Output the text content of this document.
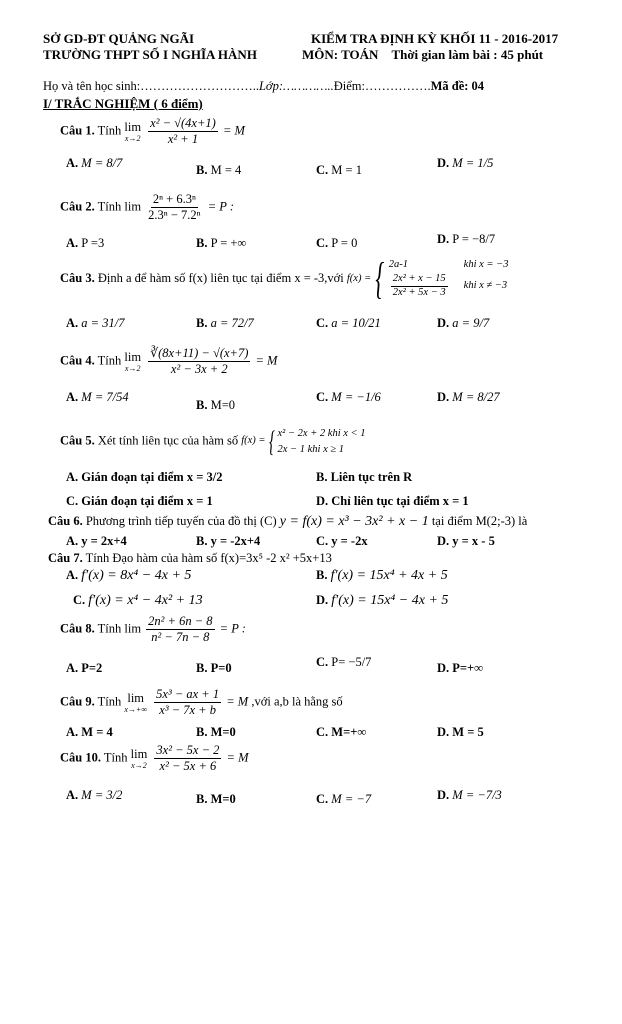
SỞ GD-ĐT QUẢNG NGÃI
TRƯỜNG THPT SỐ I NGHĨA HÀNH
KIỂM TRA ĐỊNH KỲ KHỐI 11 - 2016-2017
MÔN: TOÁN Thời gian làm bài : 45 phút
Họ và tên học sinh:………………………..Lớp:…………..Điểm:…………….Mã đề: 04
I/ TRẮC NGHIỆM ( 6 điểm)
Câu 1. Tính lim
x→2
$\frac{\text{x² − √(4x+1)}}{\text{x² + 1}} = M$
A. M = 8/7	B. M = 4	C. M = 1	D. M = 1/5
Câu 2. Tính $\lim \frac{\text{2ⁿ + 6.3ⁿ}}{\text{2.3ⁿ − 7.2ⁿ}} = P$ :
A. P =3	B. P = +∞	C. P = 0	D. P = −8/7
Câu 3. Định a để hàm số f(x) liên tục tại điểm x = -3,với f(x) = { 2a-1	khi x = −3
$\frac{\text{2x² + x − 15}}{\text{2x² + 5x − 3}}$ khi x ≠ −3
A. a = 31/7	B. a = 72/7	C. a = 10/21	D. a = 9/7
Câu 4. Tính lim
x→2
$\frac{∛(8x+11) - √(x+7)}{\text{x² − 3x + 2}} = M$
A. M = 7/54
B. M=0
C. M = −1/6	D. M = 8/27
Câu 5. Xét tính liên tục của hàm số f(x) = { x² − 2x + 2 khi x < 1
2x − 1 khi x ≥ 1
A. Gián đoạn tại điểm x = 3/2	B. Liên tục trên R
C. Gián đoạn tại điểm x = 1	D. Chỉ liên tục tại điểm x = 1
Câu 6. Phương trình tiếp tuyến của đồ thị (C) y = f(x) = x³ − 3x² + x − 1 tại điểm M(2;-3) là
A. y = 2x+4	B. y = -2x+4	C. y = -2x	D. y = x - 5
Câu 7. Tính Đạo hàm của hàm số f(x)=3x⁵ -2 x² +5x+13
A. f′(x) = 8x⁴ − 4x + 5	B. f′(x) = 15x⁴ + 4x + 5
C. f′(x) = x⁴ − 4x² + 13	D. f′(x) = 15x⁴ − 4x + 5
Câu 8. Tính $\lim \frac{\text{2n² + 6n − 8}}{\text{n² − 7n − 8}} = P$ :
A. P=2	B. P=0	C. P= −5/7	D. P=+∞
Câu 9. Tính lim
x→+∞
$\frac{\text{5x³ − ax + 1}}{\text{x³ − 7x + b}} = M$ ,với a,b là hằng số
A. M = 4	B. M=0	C. M=+∞	D. M = 5
Câu 10. Tính lim
x→2
$\frac{\text{3x² − 5x − 2}}{\text{x² − 5x + 6}} = M$
A. M = 3/2	B. M=0	C. M = −7	D. M = −7/3
